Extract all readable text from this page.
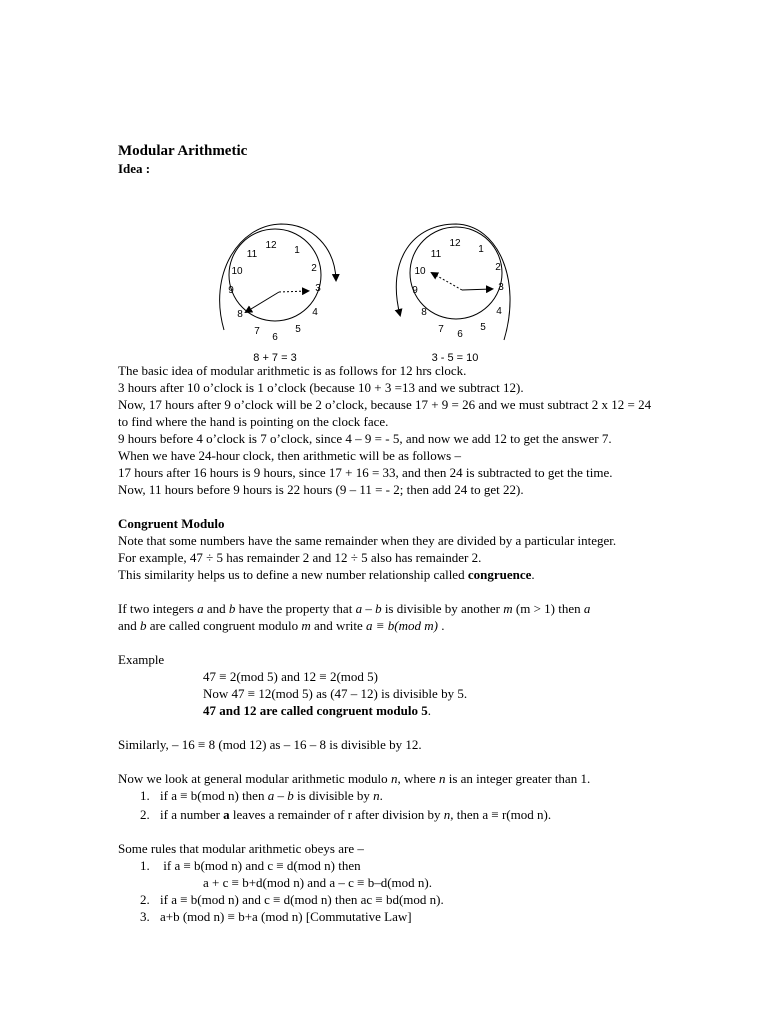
Modular Arithmetic

Idea :

12 1
2
3
4
5
6
7
8
9
10
11
8 + 7 = 3
12
1
2
3
4
5
6
7
8
9
10
11
3 - 5 = 10

The basic idea of modular arithmetic is as follows for 12 hrs clock.

3 hours after 10 o’clock is 1 o’clock (because 10 + 3 =13 and we subtract 12).

Now, 17 hours after 9 o’clock will be 2 o’clock, because 17 + 9 = 26 and we must subtract 2 x 12 = 24 to find where the hand is pointing on the clock face.

9 hours before 4 o’clock is 7 o’clock, since 4 – 9 = - 5, and now we add 12 to get the answer 7.

When we have 24-hour clock, then arithmetic will be as follows –

17 hours after 16 hours is 9 hours, since 17 + 16 = 33, and then 24 is subtracted to get the time.

Now, 11 hours before 9 hours is 22 hours (9 – 11 = - 2; then add 24 to get 22).

Congruent Modulo

Note that some numbers have the same remainder when they are divided by a particular integer.

For example, 47 ÷ 5 has remainder 2 and 12 ÷ 5 also has remainder 2.

This similarity helps us to define a new number relationship called congruence.

If two integers a and b have the property that a – b is divisible by another m (m > 1) then a

and b are called congruent modulo m and write a ≡ b(mod m) .

Example

47 ≡ 2(mod 5) and 12 ≡ 2(mod 5)

Now 47 ≡ 12(mod 5) as (47 – 12) is divisible by 5.

47 and 12 are called congruent modulo 5.

Similarly, – 16 ≡ 8 (mod 12) as – 16 – 8 is divisible by 12.

Now we look at general modular arithmetic modulo n, where n is an integer greater than 1.

1. if a ≡ b(mod n) then a – b is divisible by n.

2. if a number a leaves a remainder of r after division by n, then a ≡ r(mod n).

Some rules that modular arithmetic obeys are –

1. if a ≡ b(mod n) and c ≡ d(mod n) then

a + c ≡ b+d(mod n) and a – c ≡ b–d(mod n).

2. if a ≡ b(mod n) and c ≡ d(mod n) then ac ≡ bd(mod n).

3. a+b (mod n) ≡ b+a (mod n) [Commutative Law]
